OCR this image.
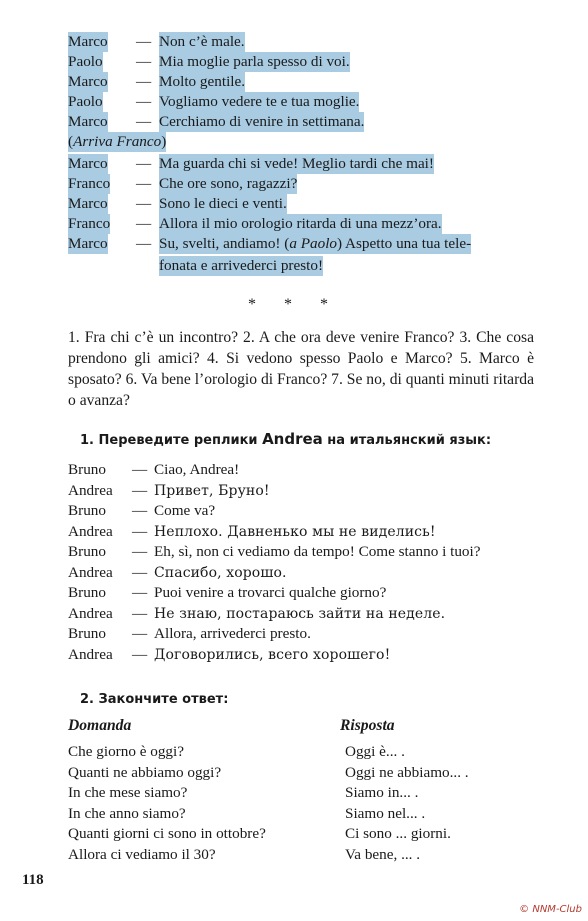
Marco — Non c’è male.
Paolo — Mia moglie parla spesso di voi.
Marco — Molto gentile.
Paolo — Vogliamo vedere te e tua moglie.
Marco — Cerchiamo di venire in settimana.
(Arriva Franco)
Marco — Ma guarda chi si vede! Meglio tardi che mai!
Franco — Che ore sono, ragazzi?
Marco — Sono le dieci e venti.
Franco — Allora il mio orologio ritarda di una mezz’ora.
Marco — Su, svelti, andiamo! (a Paolo) Aspetto una tua tele-
fonata e arrivederci presto!
* * *
1. Fra chi c’è un incontro? 2. A che ora deve venire Franco? 3. Che cosa prendono gli amici? 4. Si vedono spesso Paolo e Marco? 5. Marco è sposato? 6. Va bene l’orologio di Franco? 7. Se no, di quanti minuti ritarda o avanza?
1. Переведите реплики Andrea на итальянский язык:
Bruno — Ciao, Andrea!
Andrea — Привет, Бруно!
Bruno — Come va?
Andrea — Неплохо. Давненько мы не виделись!
Bruno — Eh, sì, non ci vediamo da tempo! Come stanno i tuoi?
Andrea — Спасибо, хорошо.
Bruno — Puoi venire a trovarci qualche giorno?
Andrea — Не знаю, постараюсь зайти на неделе.
Bruno — Allora, arrivederci presto.
Andrea — Договорились, всего хорошего!
2. Закончите ответ:
Domanda	Risposta
Che giorno è oggi?	Oggi è... .
Quanti ne abbiamo oggi?	Oggi ne abbiamo... .
In che mese siamo?	Siamo in... .
In che anno siamo?	Siamo nel... .
Quanti giorni ci sono in ottobre?	Ci sono ... giorni.
Allora ci vediamo il 30?	Va bene, ... .
118
© NNM-Club
